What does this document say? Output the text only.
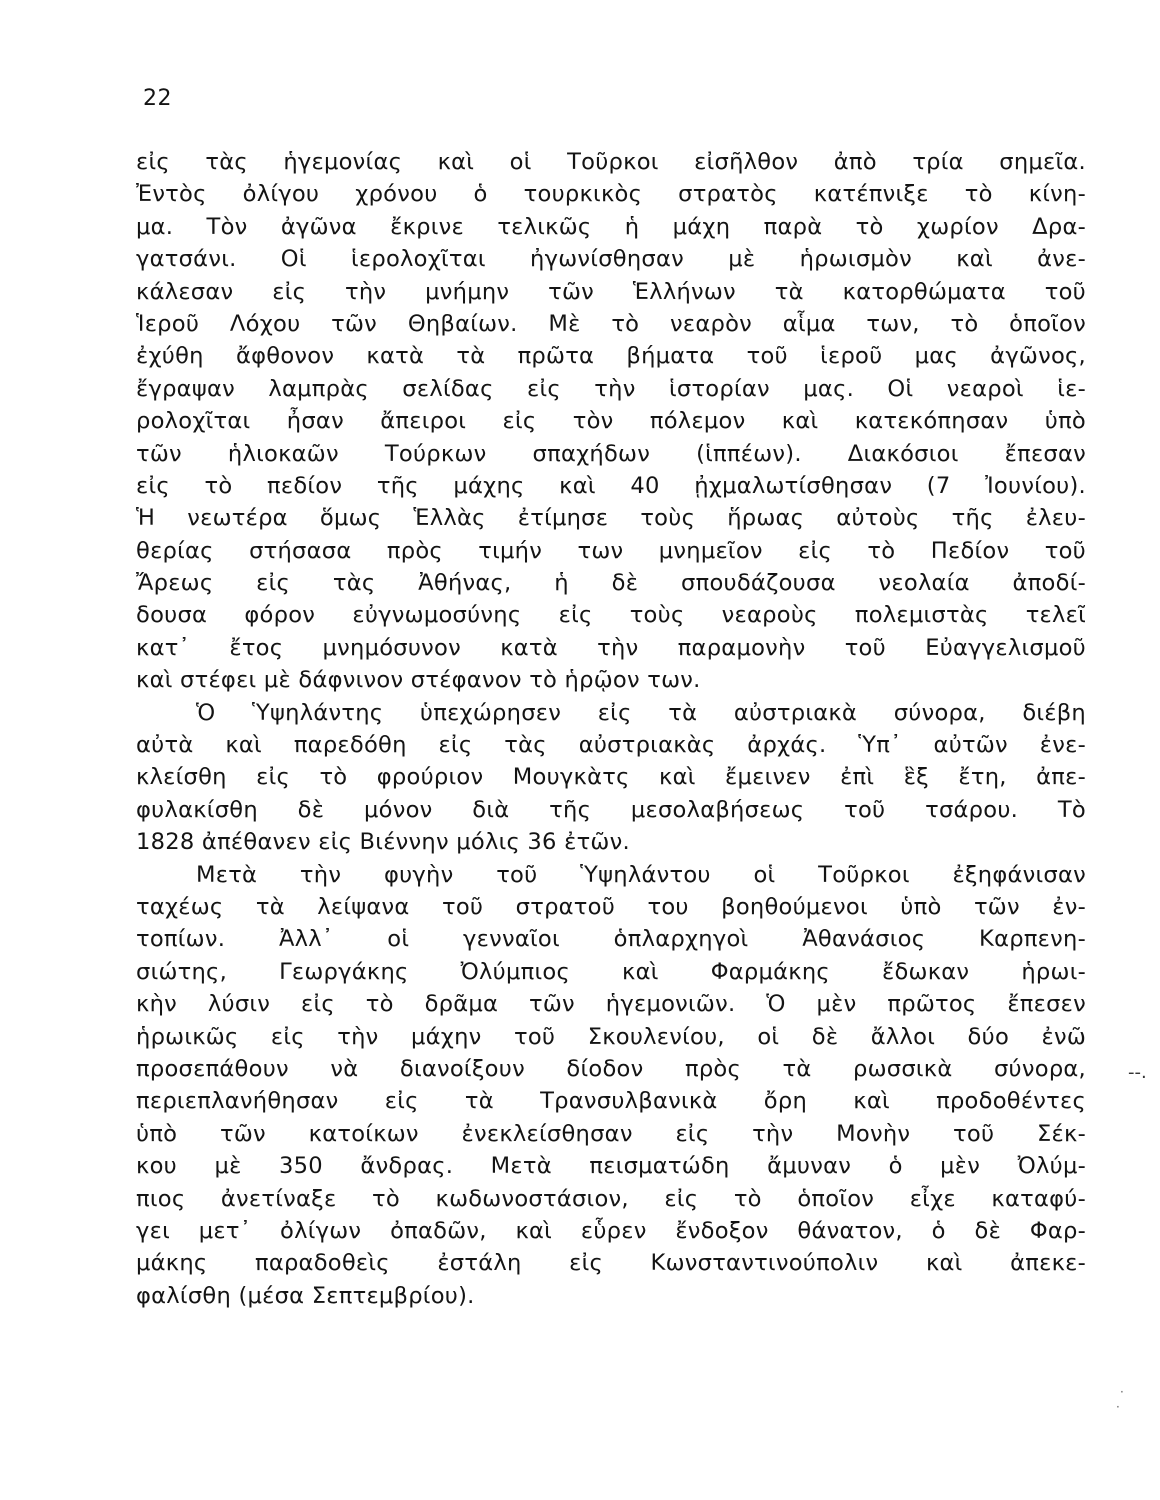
22
εἰς τὰς ἡγεμονίας καὶ οἱ Τοῦρκοι εἰσῆλθον ἀπὸ τρία σημεῖα.
Ἐντὸς ὀλίγου χρόνου ὁ τουρκικὸς στρατὸς κατέπνιξε τὸ κίνη-
μα. Τὸν ἀγῶνα ἔκρινε τελικῶς ἡ μάχη παρὰ τὸ χωρίον Δρα-
γατσάνι. Οἱ ἱερολοχῖται ἠγωνίσθησαν μὲ ἡρωισμὸν καὶ ἀνε-
κάλεσαν εἰς τὴν μνήμην τῶν Ἑλλήνων τὰ κατορθώματα τοῦ
Ἱεροῦ Λόχου τῶν Θηβαίων. Μὲ τὸ νεαρὸν αἷμα των, τὸ ὁποῖον
ἐχύθη ἄφθονον κατὰ τὰ πρῶτα βήματα τοῦ ἱεροῦ μας ἀγῶνος,
ἔγραψαν λαμπρὰς σελίδας εἰς τὴν ἱστορίαν μας. Οἱ νεαροὶ ἱε-
ρολοχῖται ἦσαν ἄπειροι εἰς τὸν πόλεμον καὶ κατεκόπησαν ὑπὸ
τῶν ἡλιοκαῶν Τούρκων σπαχήδων (ἱππέων). Διακόσιοι ἔπεσαν
εἰς τὸ πεδίον τῆς μάχης καὶ 40 ᾐχμαλωτίσθησαν (7 Ἰουνίου).
Ἡ νεωτέρα ὅμως Ἑλλὰς ἐτίμησε τοὺς ἥρωας αὐτοὺς τῆς ἐλευ-
θερίας στήσασα πρὸς τιμήν των μνημεῖον εἰς τὸ Πεδίον τοῦ
Ἄρεως εἰς τὰς Ἀθήνας, ἡ δὲ σπουδάζουσα νεολαία ἀποδί-
δουσα φόρον εὐγνωμοσύνης εἰς τοὺς νεαροὺς πολεμιστὰς τελεῖ
κατ᾿ ἔτος μνημόσυνον κατὰ τὴν παραμονὴν τοῦ Εὐαγγελισμοῦ
καὶ στέφει μὲ δάφνινον στέφανον τὸ ἡρῷον των.
Ὁ Ὑψηλάντης ὑπεχώρησεν εἰς τὰ αὐστριακὰ σύνορα, διέβη
αὐτὰ καὶ παρεδόθη εἰς τὰς αὐστριακὰς ἀρχάς. Ὑπ᾿ αὐτῶν ἐνε-
κλείσθη εἰς τὸ φρούριον Μουγκὰτς καὶ ἔμεινεν ἐπὶ ἓξ ἔτη, ἀπε-
φυλακίσθη δὲ μόνον διὰ τῆς μεσολαβήσεως τοῦ τσάρου. Τὸ
1828 ἀπέθανεν εἰς Βιέννην μόλις 36 ἐτῶν.
Μετὰ τὴν φυγὴν τοῦ Ὑψηλάντου οἱ Τοῦρκοι ἐξηφάνισαν
ταχέως τὰ λείψανα τοῦ στρατοῦ του βοηθούμενοι ὑπὸ τῶν ἐν-
τοπίων. Ἀλλ᾿ οἱ γενναῖοι ὁπλαρχηγοὶ Ἀθανάσιος Καρπενη-
σιώτης, Γεωργάκης Ὀλύμπιος καὶ Φαρμάκης ἔδωκαν ἡρωι-
κὴν λύσιν εἰς τὸ δρᾶμα τῶν ἡγεμονιῶν. Ὁ μὲν πρῶτος ἔπεσεν
ἡρωικῶς εἰς τὴν μάχην τοῦ Σκουλενίου, οἱ δὲ ἄλλοι δύο ἐνῶ
προσεπάθουν νὰ διανοίξουν δίοδον πρὸς τὰ ρωσσικὰ σύνορα,
περιεπλανήθησαν εἰς τὰ Τρανσυλβανικὰ ὄρη καὶ προδοθέντες
ὑπὸ τῶν κατοίκων ἐνεκλείσθησαν εἰς τὴν Μονὴν τοῦ Σέκ-
κου μὲ 350 ἄνδρας. Μετὰ πεισματώδη ἄμυναν ὁ μὲν Ὀλύμ-
πιος ἀνετίναξε τὸ κωδωνοστάσιον, εἰς τὸ ὁποῖον εἶχε καταφύ-
γει μετ᾿ ὀλίγων ὀπαδῶν, καὶ εὗρεν ἔνδοξον θάνατον, ὁ δὲ Φαρ-
μάκης παραδοθεὶς ἐστάλη εἰς Κωνσταντινούπολιν καὶ ἀπεκε-
φαλίσθη (μέσα Σεπτεμβρίου).
--.
·
·
